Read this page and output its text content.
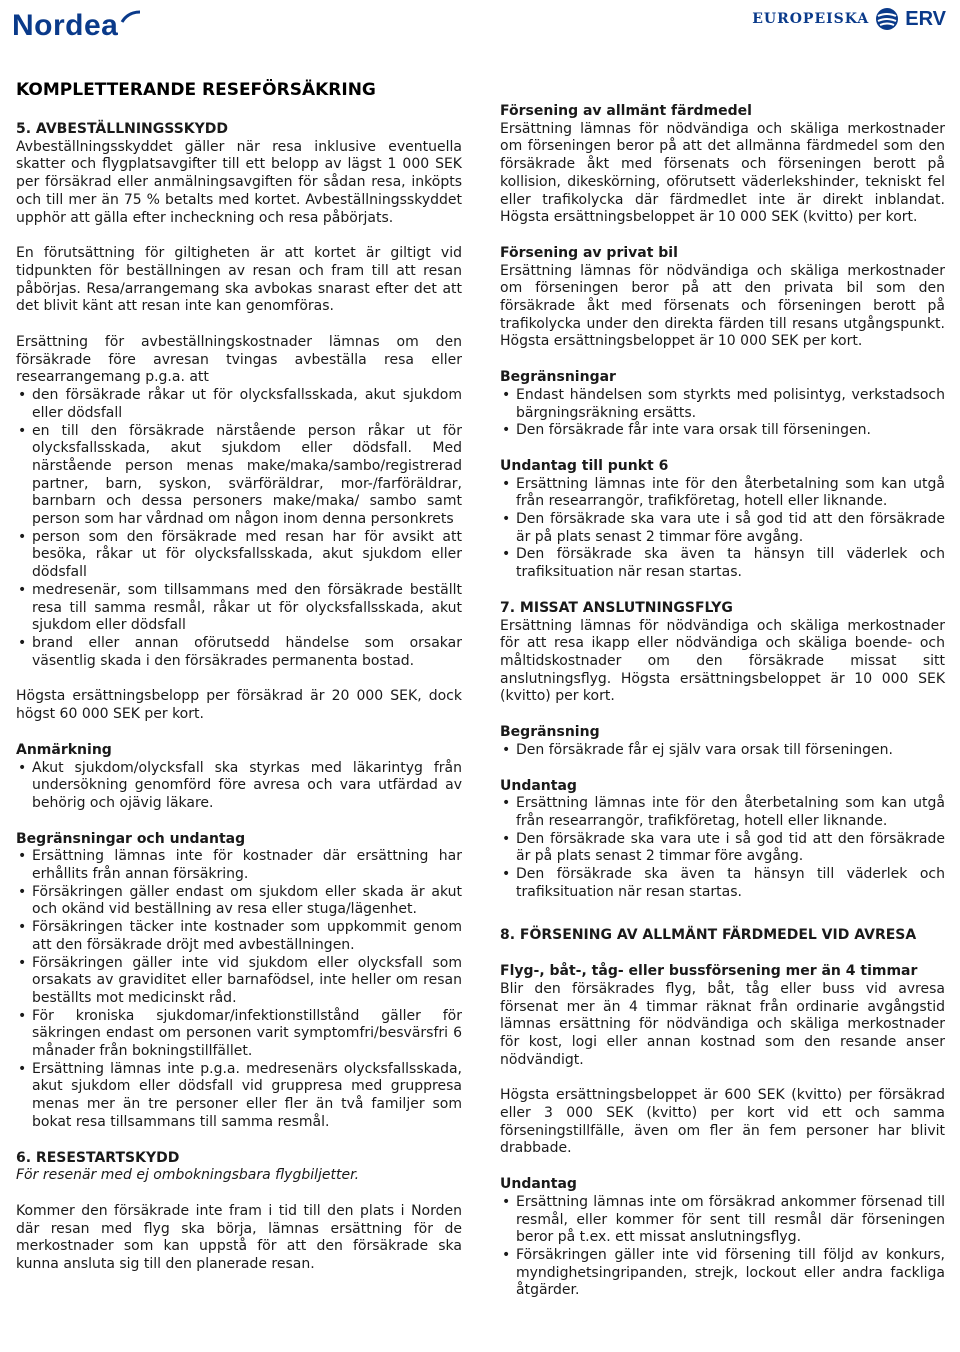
Nordea	EUROPEISKA ERV
KOMPLETTERANDE RESEFÖRSÄKRING

5. AVBESTÄLLNINGSSKYDD

Avbeställningsskyddet gäller när resa inklusive eventuella skatter och flygplatsavgifter till ett belopp av lägst 1 000 SEK per försäkrad eller anmälningsavgiften för sådan resa, inköpts och till mer än 75 % betalts med kortet. Avbeställningsskyddet upphör att gälla efter incheckning och resa påbörjats.

En förutsättning för giltigheten är att kortet är giltigt vid tidpunkten för beställningen av resan och fram till att resan påbörjas. Resa/arrangemang ska avbokas snarast efter det att det blivit känt att resan inte kan genomföras.

Ersättning för avbeställningskostnader lämnas om den försäkrade före avresan tvingas avbeställa resa eller researrangemang p.g.a. att

• den försäkrade råkar ut för olycksfallsskada, akut sjukdom eller dödsfall
• en till den försäkrade närstående person råkar ut för olycksfallsskada, akut sjukdom eller dödsfall. Med närstående person menas make/maka/sambo/registrerad partner, barn, syskon, svärföräldrar, mor-/farföräldrar, barnbarn och dessa personers make/maka/ sambo samt person som har vårdnad om någon inom denna personkrets
• person som den försäkrade med resan har för avsikt att besöka, råkar ut för olycksfallsskada, akut sjukdom eller dödsfall
• medresenär, som tillsammans med den försäkrade beställt resa till samma resmål, råkar ut för olycksfallsskada, akut sjukdom eller dödsfall
• brand eller annan oförutsedd händelse som orsakar väsentlig skada i den försäkrades permanenta bostad.

Högsta ersättningsbelopp per försäkrad är 20 000 SEK, dock högst 60 000 SEK per kort.

Anmärkning

• Akut sjukdom/olycksfall ska styrkas med läkarintyg från undersökning genomförd före avresa och vara utfärdad av behörig och ojävig läkare.

Begränsningar och undantag

• Ersättning lämnas inte för kostnader där ersättning har erhållits från annan försäkring.
• Försäkringen gäller endast om sjukdom eller skada är akut och okänd vid beställning av resa eller stuga/lägenhet.
• Försäkringen täcker inte kostnader som uppkommit genom att den försäkrade dröjt med avbeställningen.
• Försäkringen gäller inte vid sjukdom eller olycksfall som orsakats av graviditet eller barnafödsel, inte heller om resan beställts mot medicinskt råd.
• För kroniska sjukdomar/infektionstillstånd gäller för säkringen endast om personen varit symptomfri/besvärsfri 6 månader från bokningstillfället.
• Ersättning lämnas inte p.g.a. medresenärs olycksfallsskada, akut sjukdom eller dödsfall vid gruppresa med gruppresa menas mer än tre personer eller fler än två familjer som bokat resa tillsammans till samma resmål.

6. RESESTARTSKYDD

För resenär med ej ombokningsbara flygbiljetter.

Kommer den försäkrade inte fram i tid till den plats i Norden där resan med flyg ska börja, lämnas ersättning för de merkostnader som kan uppstå för att den försäkrade ska kunna ansluta sig till den planerade resan.

Försening av allmänt färdmedel

Ersättning lämnas för nödvändiga och skäliga merkostnader om förseningen beror på att det allmänna färdmedel som den försäkrade åkt med försenats och förseningen berott på kollision, dikeskörning, oförutsett väderlekshinder, tekniskt fel eller trafikolycka där färdmedlet inte är direkt inblandat. Högsta ersättningsbeloppet är 10 000 SEK (kvitto) per kort.

Försening av privat bil

Ersättning lämnas för nödvändiga och skäliga merkostnader om förseningen beror på att den privata bil som den försäkrade åkt med försenats och förseningen berott på trafikolycka under den direkta färden till resans utgångspunkt. Högsta ersättningsbeloppet är 10 000 SEK per kort.

Begränsningar

• Endast händelsen som styrkts med polisintyg, verkstadsoch bärgningsräkning ersätts.
• Den försäkrade får inte vara orsak till förseningen.

Undantag till punkt 6

• Ersättning lämnas inte för den återbetalning som kan utgå från researrangör, trafikföretag, hotell eller liknande.
• Den försäkrade ska vara ute i så god tid att den försäkrade är på plats senast 2 timmar före avgång.
• Den försäkrade ska även ta hänsyn till väderlek och trafiksituation när resan startas.

7. MISSAT ANSLUTNINGSFLYG

Ersättning lämnas för nödvändiga och skäliga merkostnader för att resa ikapp eller nödvändiga och skäliga boende- och måltidskostnader om den försäkrade missat sitt anslutningsflyg. Högsta ersättningsbeloppet är 10 000 SEK (kvitto) per kort.

Begränsning

• Den försäkrade får ej själv vara orsak till förseningen.

Undantag

• Ersättning lämnas inte för den återbetalning som kan utgå från researrangör, trafikföretag, hotell eller liknande.
• Den försäkrade ska vara ute i så god tid att den försäkrade är på plats senast 2 timmar före avgång.
• Den försäkrade ska även ta hänsyn till väderlek och trafiksituation när resan startas.

8. FÖRSENING AV ALLMÄNT FÄRDMEDEL VID AVRESA

Flyg-, båt-, tåg- eller bussförsening mer än 4 timmar

Blir den försäkrades flyg, båt, tåg eller buss vid avresa försenat mer än 4 timmar räknat från ordinarie avgångstid lämnas ersättning för nödvändiga och skäliga merkostnader för kost, logi eller annan kostnad som den resande anser nödvändigt.

Högsta ersättningsbeloppet är 600 SEK (kvitto) per försäkrad eller 3 000 SEK (kvitto) per kort vid ett och samma förseningstillfälle, även om fler än fem personer har blivit drabbade.

Undantag

• Ersättning lämnas inte om försäkrad ankommer försenad till resmål, eller kommer för sent till resmål där förseningen beror på t.ex. ett missat anslutningsflyg.
• Försäkringen gäller inte vid försening till följd av konkurs, myndighetsingripanden, strejk, lockout eller andra fackliga åtgärder.
